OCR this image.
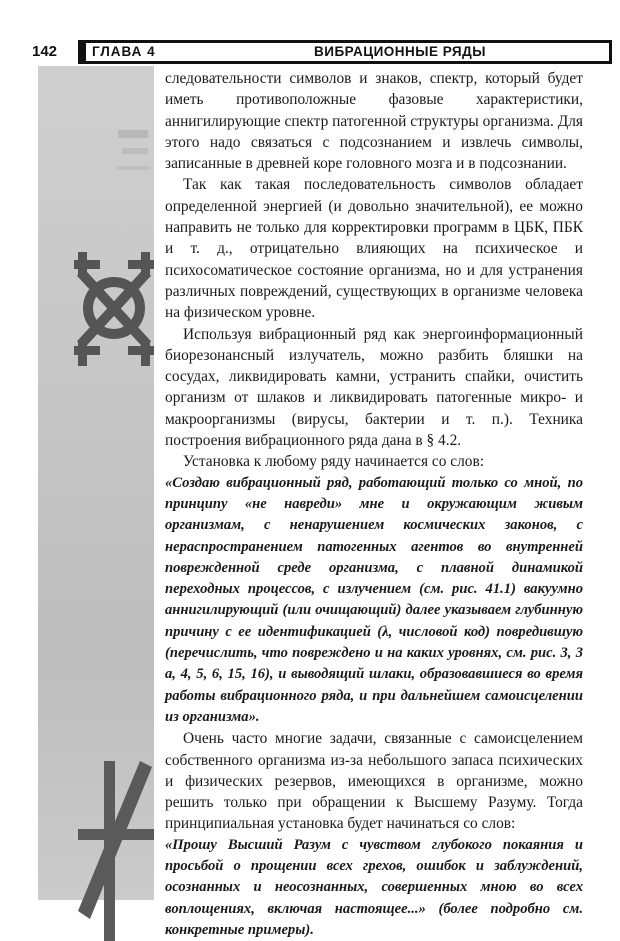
142	ГЛАВА 4	ВИБРАЦИОННЫЕ РЯДЫ

следовательности символов и знаков, спектр, который будет иметь противоположные фазовые характеристики, аннигилирующие спектр патогенной структуры организма. Для этого надо связаться с подсознанием и извлечь символы, записанные в древней коре головного мозга и в подсознании.

Так как такая последовательность символов обладает определенной энергией (и довольно значительной), ее можно направить не только для корректировки программ в ЦБК, ПБК и т. д., отрицательно влияющих на психическое и психосоматическое состояние организма, но и для устранения различных повреждений, существующих в организме человека на физическом уровне.

Используя вибрационный ряд как энергоинформационный биорезонансный излучатель, можно разбить бляшки на сосудах, ликвидировать камни, устранить спайки, очистить организм от шлаков и ликвидировать патогенные микро- и макроорганизмы (вирусы, бактерии и т. п.). Техника построения вибрационного ряда дана в § 4.2.

Установка к любому ряду начинается со слов:

«Создаю вибрационный ряд, работающий только со мной, по принципу «не навреди» мне и окружающим живым организмам, с ненарушением космических законов, с нераспространением патогенных агентов во внутренней поврежденной среде организма, с плавной динамикой переходных процессов, с излучением (см. рис. 41.1) вакуумно аннигилирующий (или очищающий) далее указываем глубинную причину с ее идентификацией (λ, числовой код) повредившую (перечислить, что повреждено и на каких уровнях, см. рис. 3, 3 а, 4, 5, 6, 15, 16), и выводящий шлаки, образовавшиеся во время работы вибрационного ряда, и при дальнейшем самоисцелении из организма».

Очень часто многие задачи, связанные с самоисцелением собственного организма из-за небольшого запаса психических и физических резервов, имеющихся в организме, можно решить только при обращении к Высшему Разуму. Тогда принципиальная установка будет начинаться со слов:

«Прошу Высший Разум с чувством глубокого покаяния и просьбой о прощении всех грехов, ошибок и заблуждений, осознанных и неосознанных, совершенных мною во всех воплощениях, включая настоящее...» (более подробно см. конкретные примеры).
